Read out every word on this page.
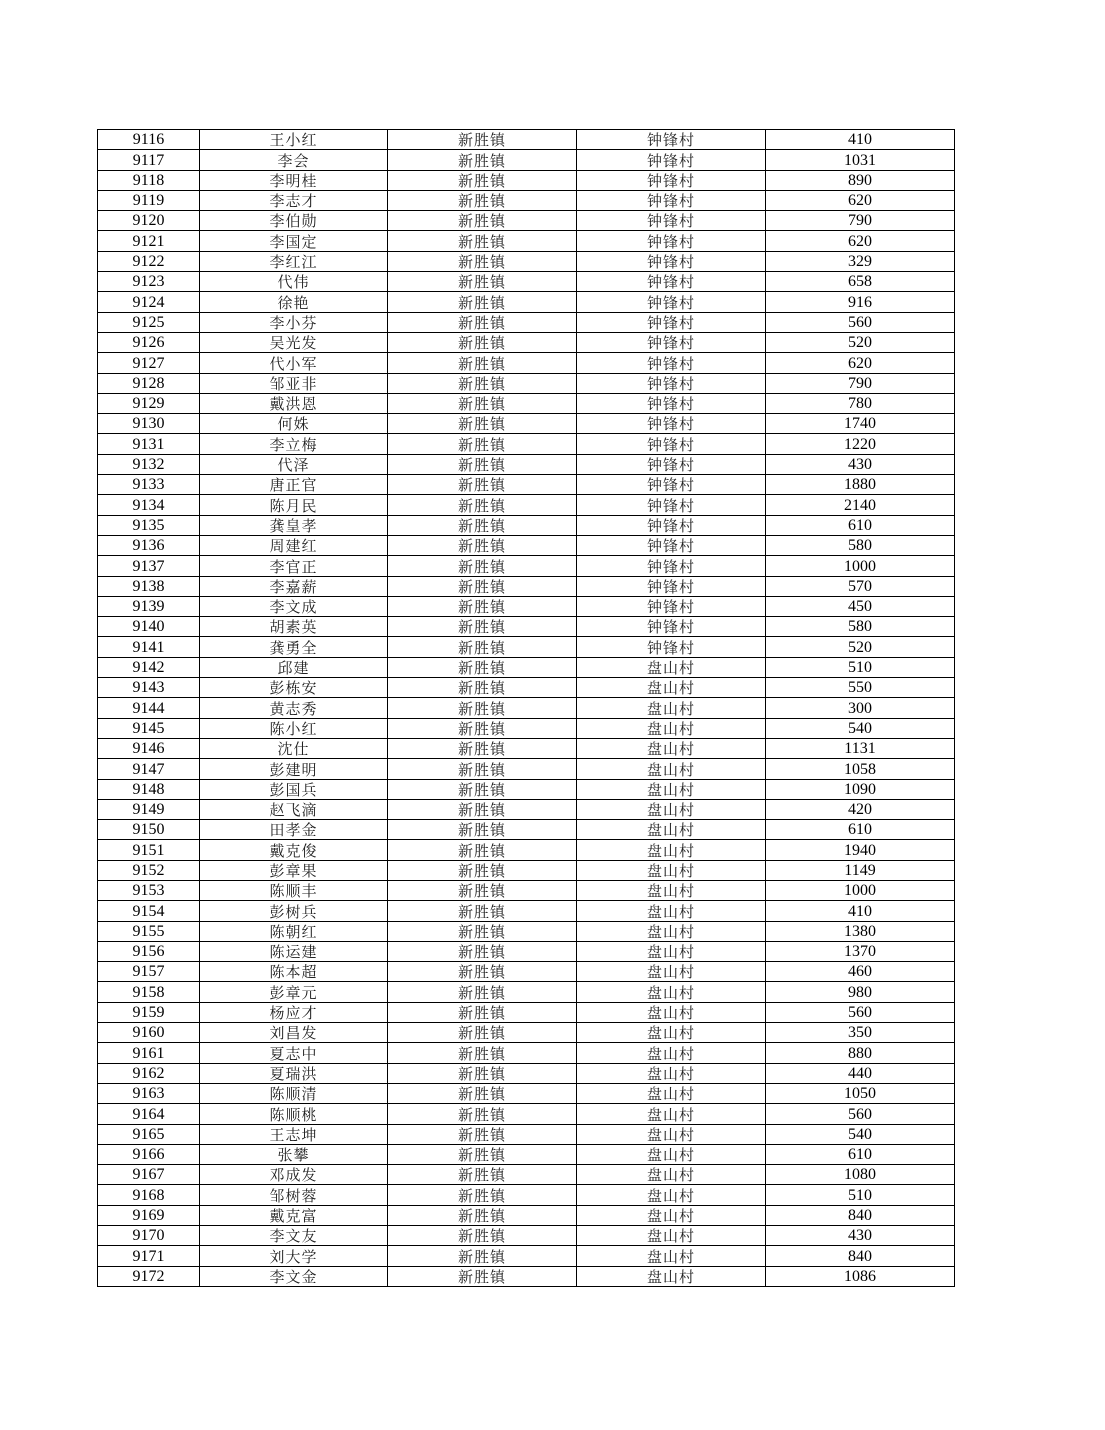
9116	王小红	新胜镇	钟锋村	410
9117	李会	新胜镇	钟锋村	1031
9118	李明桂	新胜镇	钟锋村	890
9119	李志才	新胜镇	钟锋村	620
9120	李伯勋	新胜镇	钟锋村	790
9121	李国定	新胜镇	钟锋村	620
9122	李红江	新胜镇	钟锋村	329
9123	代伟	新胜镇	钟锋村	658
9124	徐艳	新胜镇	钟锋村	916
9125	李小芬	新胜镇	钟锋村	560
9126	吴光发	新胜镇	钟锋村	520
9127	代小军	新胜镇	钟锋村	620
9128	邹亚非	新胜镇	钟锋村	790
9129	戴洪恩	新胜镇	钟锋村	780
9130	何姝	新胜镇	钟锋村	1740
9131	李立梅	新胜镇	钟锋村	1220
9132	代泽	新胜镇	钟锋村	430
9133	唐正官	新胜镇	钟锋村	1880
9134	陈月民	新胜镇	钟锋村	2140
9135	龚皇孝	新胜镇	钟锋村	610
9136	周建红	新胜镇	钟锋村	580
9137	李官正	新胜镇	钟锋村	1000
9138	李嘉薪	新胜镇	钟锋村	570
9139	李文成	新胜镇	钟锋村	450
9140	胡素英	新胜镇	钟锋村	580
9141	龚勇全	新胜镇	钟锋村	520
9142	邱建	新胜镇	盘山村	510
9143	彭栋安	新胜镇	盘山村	550
9144	黄志秀	新胜镇	盘山村	300
9145	陈小红	新胜镇	盘山村	540
9146	沈仕	新胜镇	盘山村	1131
9147	彭建明	新胜镇	盘山村	1058
9148	彭国兵	新胜镇	盘山村	1090
9149	赵飞滴	新胜镇	盘山村	420
9150	田孝金	新胜镇	盘山村	610
9151	戴克俊	新胜镇	盘山村	1940
9152	彭章果	新胜镇	盘山村	1149
9153	陈顺丰	新胜镇	盘山村	1000
9154	彭树兵	新胜镇	盘山村	410
9155	陈朝红	新胜镇	盘山村	1380
9156	陈运建	新胜镇	盘山村	1370
9157	陈本超	新胜镇	盘山村	460
9158	彭章元	新胜镇	盘山村	980
9159	杨应才	新胜镇	盘山村	560
9160	刘昌发	新胜镇	盘山村	350
9161	夏志中	新胜镇	盘山村	880
9162	夏瑞洪	新胜镇	盘山村	440
9163	陈顺清	新胜镇	盘山村	1050
9164	陈顺桃	新胜镇	盘山村	560
9165	王志坤	新胜镇	盘山村	540
9166	张攀	新胜镇	盘山村	610
9167	邓成发	新胜镇	盘山村	1080
9168	邹树蓉	新胜镇	盘山村	510
9169	戴克富	新胜镇	盘山村	840
9170	李文友	新胜镇	盘山村	430
9171	刘大学	新胜镇	盘山村	840
9172	李文金	新胜镇	盘山村	1086
